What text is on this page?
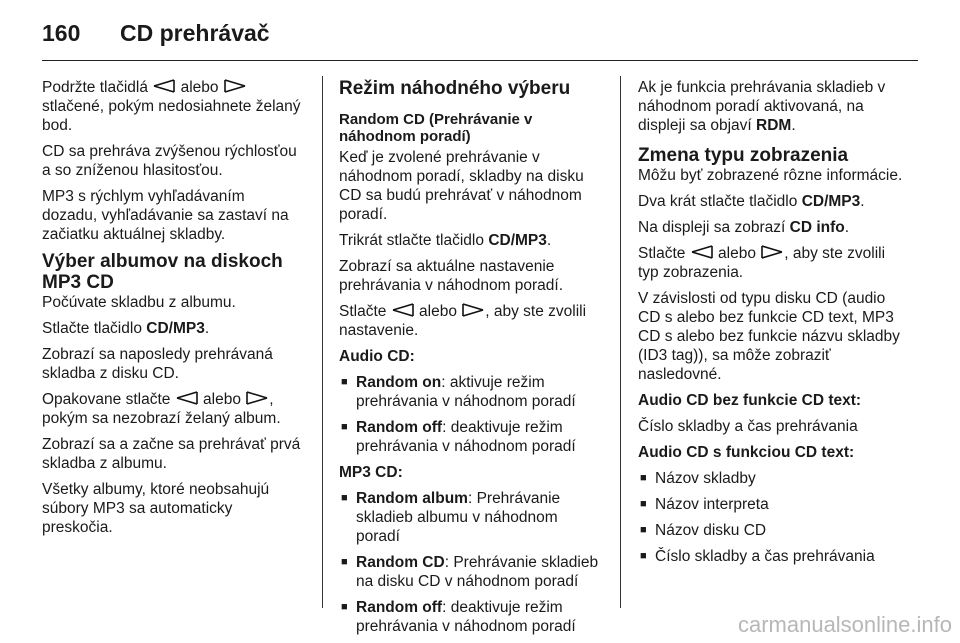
160 CD prehrávač

Podržte tlačidlá alebo
stlačené, pokým nedosiahnete želaný bod.

CD sa prehráva zvýšenou rýchlosťou a so zníženou hlasitosťou.

MP3 s rýchlym vyhľadávaním dozadu, vyhľadávanie sa zastaví na začiatku aktuálnej skladby.

Výber albumov na diskoch MP3 CD

Počúvate skladbu z albumu.

Stlačte tlačidlo CD/MP3.

Zobrazí sa naposledy prehrávaná skladba z disku CD.

Opakovane stlačte alebo , pokým sa nezobrazí želaný album.

Zobrazí sa a začne sa prehrávať prvá skladba z albumu.

Všetky albumy, ktoré neobsahujú súbory MP3 sa automaticky preskočia.

Režim náhodného výberu
Random CD (Prehrávanie v náhodnom poradí)

Keď je zvolené prehrávanie v náhodnom poradí, skladby na disku CD sa budú prehrávať v náhodnom poradí.

Trikrát stlačte tlačidlo CD/MP3.

Zobrazí sa aktuálne nastavenie prehrávania v náhodnom poradí.

Stlačte alebo , aby ste zvolili nastavenie.

Audio CD:
■ Random on: aktivuje režim prehrávania v náhodnom poradí
■ Random off: deaktivuje režim prehrávania v náhodnom poradí
MP3 CD:
■ Random album: Prehrávanie skladieb albumu v náhodnom poradí
■ Random CD: Prehrávanie skladieb na disku CD v náhodnom poradí
■ Random off: deaktivuje režim prehrávania v náhodnom poradí

Ak je funkcia prehrávania skladieb v náhodnom poradí aktivovaná, na displeji sa objaví RDM.

Zmena typu zobrazenia

Môžu byť zobrazené rôzne informácie.

Dva krát stlačte tlačidlo CD/MP3.

Na displeji sa zobrazí CD info.

Stlačte alebo , aby ste zvolili typ zobrazenia.

V závislosti od typu disku CD (audio CD s alebo bez funkcie CD text, MP3 CD s alebo bez funkcie názvu skladby (ID3 tag)), sa môže zobraziť nasledovné.

Audio CD bez funkcie CD text:

Číslo skladby a čas prehrávania

Audio CD s funkciou CD text:
■ Názov skladby
■ Názov interpreta
■ Názov disku CD
■ Číslo skladby a čas prehrávania
carmanualsonline.info
